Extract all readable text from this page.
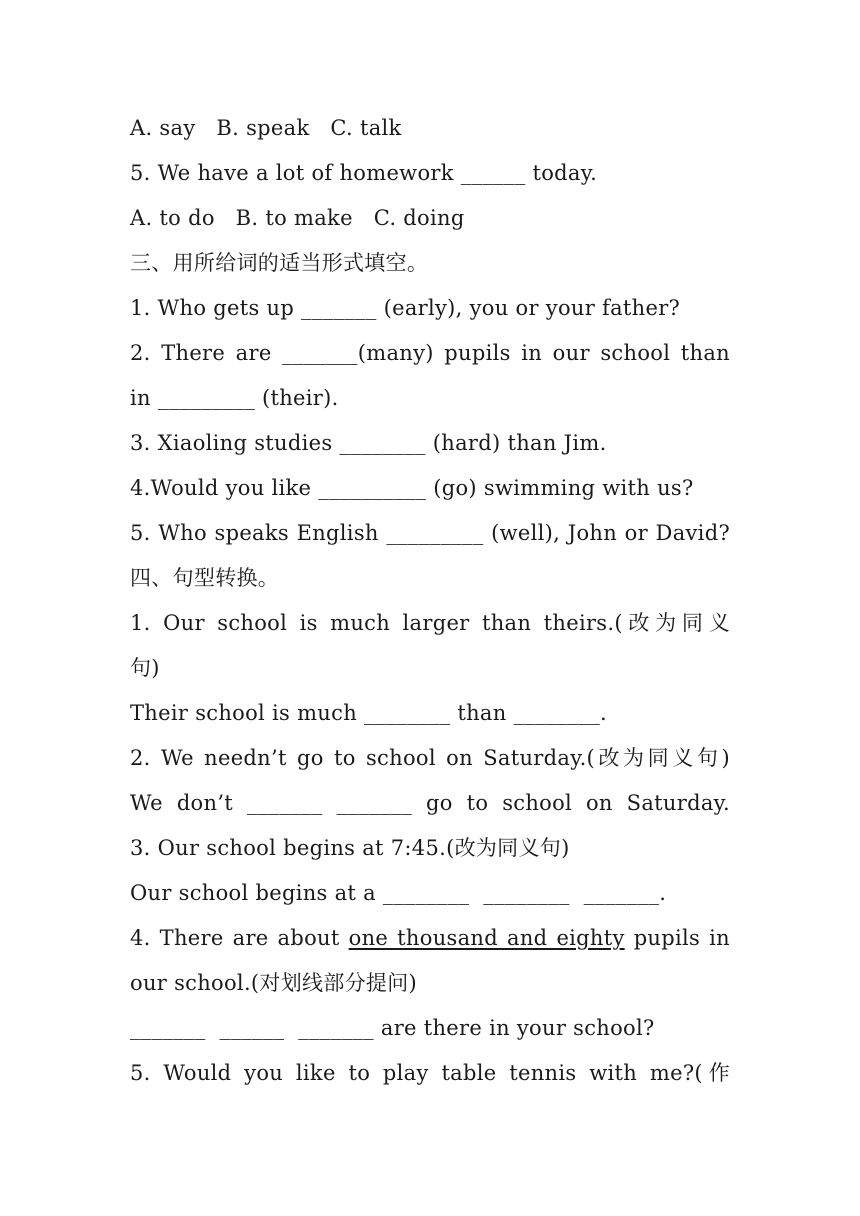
A. say   B. speak   C. talk
5. We have a lot of homework ______ today.
A. to do   B. to make   C. doing
三、用所给词的适当形式填空。
1. Who gets up _______ (early), you or your father?
2. There are _______(many) pupils in our school than
in _________ (their).
3. Xiaoling studies ________ (hard) than Jim.
4.Would you like __________ (go) swimming with us?
5. Who speaks English _________ (well), John or David?
四、句型转换。
1. Our school is much larger than theirs.(改为同义
句)
Their school is much ________ than ________.
2. We needn’t go to school on Saturday.(改为同义句)
We don’t _______ _______ go to school on Saturday.
3. Our school begins at 7:45.(改为同义句)
Our school begins at a ________  ________  _______.
4. There are about one thousand and eighty pupils in
our school.(对划线部分提问)
_______  ______  _______ are there in your school?
5. Would you like to play table tennis with me?(作
